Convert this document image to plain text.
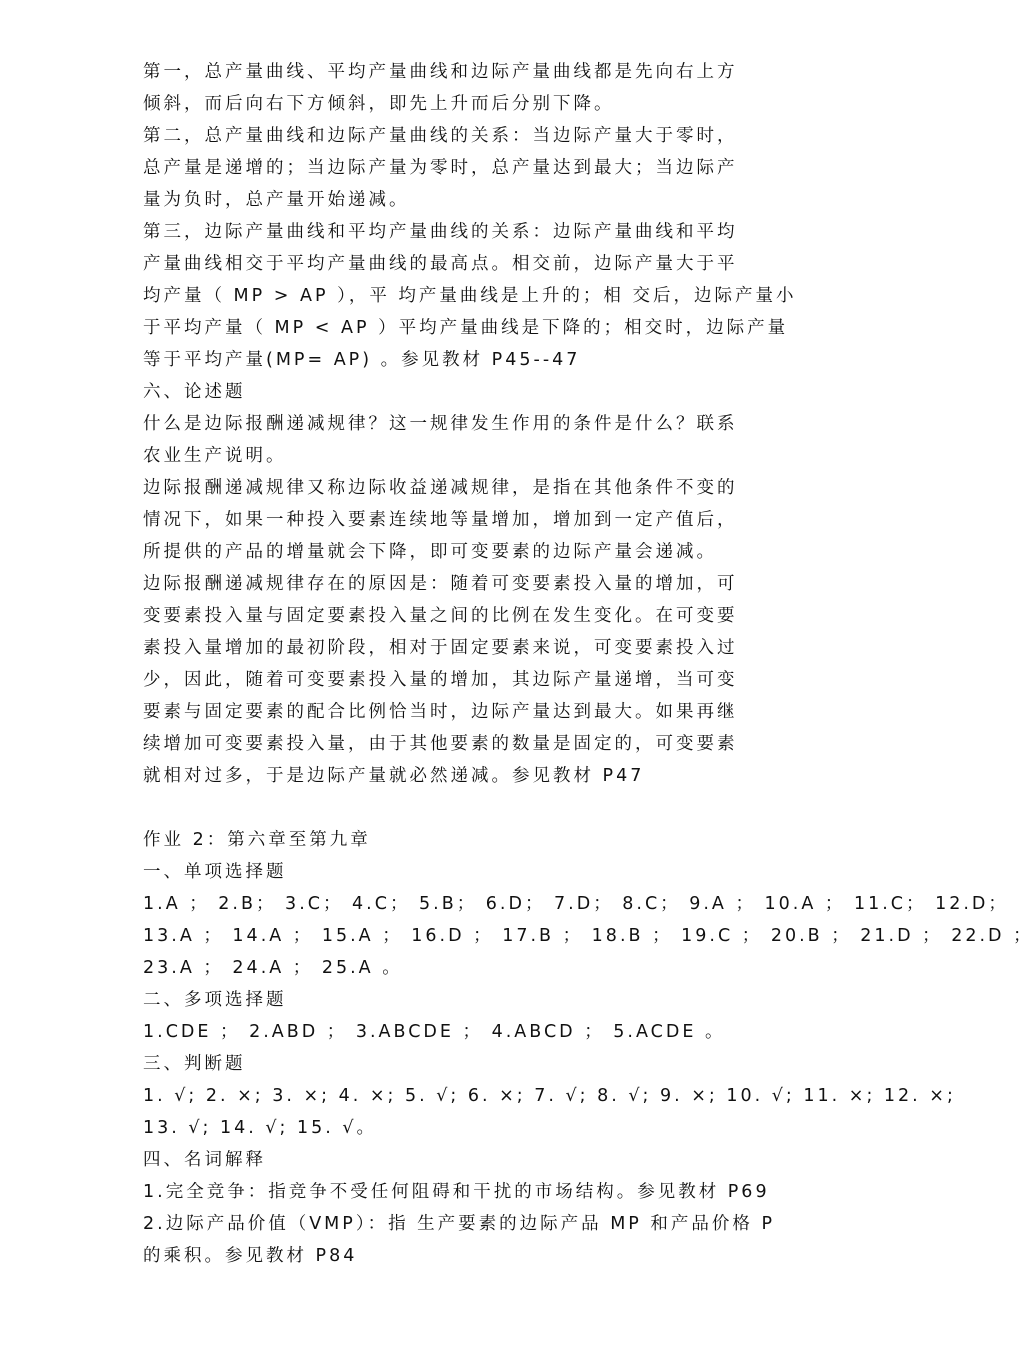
第一，总产量曲线、平均产量曲线和边际产量曲线都是先向右上方
倾斜，而后向右下方倾斜，即先上升而后分别下降。
第二，总产量曲线和边际产量曲线的关系：当边际产量大于零时，
总产量是递增的；当边际产量为零时，总产量达到最大；当边际产
量为负时，总产量开始递减。
第三，边际产量曲线和平均产量曲线的关系：边际产量曲线和平均
产量曲线相交于平均产量曲线的最高点。相交前，边际产量大于平
均产量（ MP > AP ），平 均产量曲线是上升的；相 交后，边际产量小
于平均产量（ MP < AP ）平均产量曲线是下降的；相交时，边际产量
等于平均产量(MP= AP) 。参见教材 P45--47
六、论述题
什么是边际报酬递减规律？这一规律发生作用的条件是什么？联系
农业生产说明。
边际报酬递减规律又称边际收益递减规律，是指在其他条件不变的
情况下，如果一种投入要素连续地等量增加，增加到一定产值后，
所提供的产品的增量就会下降，即可变要素的边际产量会递减。
边际报酬递减规律存在的原因是：随着可变要素投入量的增加，可
变要素投入量与固定要素投入量之间的比例在发生变化。在可变要
素投入量增加的最初阶段，相对于固定要素来说，可变要素投入过
少，因此，随着可变要素投入量的增加，其边际产量递增，当可变
要素与固定要素的配合比例恰当时，边际产量达到最大。如果再继
续增加可变要素投入量，由于其他要素的数量是固定的，可变要素
就相对过多，于是边际产量就必然递减。参见教材 P47
作业 2：第六章至第九章
一、单项选择题
1.A ； 2.B； 3.C； 4.C； 5.B； 6.D； 7.D； 8.C； 9.A ； 10.A ； 11.C； 12.D；
13.A ； 14.A ； 15.A ； 16.D ； 17.B ； 18.B ； 19.C ； 20.B ； 21.D ； 22.D ；
23.A ； 24.A ； 25.A 。
二、多项选择题
1.CDE ； 2.ABD ； 3.ABCDE ； 4.ABCD ； 5.ACDE 。
三、判断题
1. √; 2. ×; 3. ×; 4. ×; 5. √; 6. ×; 7. √; 8. √; 9. ×; 10. √; 11. ×; 12. ×;
13. √; 14. √; 15. √。
四、名词解释
1.完全竞争：指竞争不受任何阻碍和干扰的市场结构。参见教材 P69
2.边际产品价值（VMP）：指 生产要素的边际产品 MP 和产品价格 P
的乘积。参见教材 P84
